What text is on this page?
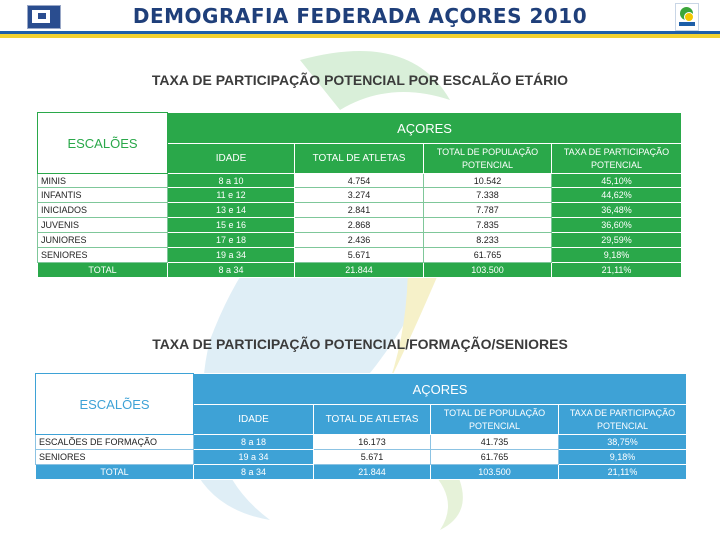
DEMOGRAFIA FEDERADA AÇORES 2010
TAXA DE PARTICIPAÇÃO POTENCIAL POR ESCALÃO ETÁRIO
ESCALÕES	AÇORES			
	IDADE	TOTAL DE ATLETAS	TOTAL DE POPULAÇÃO POTENCIAL	TAXA DE PARTICIPAÇÃO POTENCIAL
MINIS	8 a 10	4.754	10.542	45,10%
INFANTIS	11 e 12	3.274	7.338	44,62%
INICIADOS	13 e 14	2.841	7.787	36,48%
JUVENIS	15 e 16	2.868	7.835	36,60%
JUNIORES	17 e 18	2.436	8.233	29,59%
SENIORES	19 a 34	5.671	61.765	9,18%
TOTAL	8 a 34	21.844	103.500	21,11%
TAXA DE PARTICIPAÇÃO POTENCIAL/FORMAÇÃO/SENIORES
ESCALÕES	AÇORES			
	IDADE	TOTAL DE ATLETAS	TOTAL DE POPULAÇÃO POTENCIAL	TAXA DE PARTICIPAÇÃO POTENCIAL
ESCALÕES DE FORMAÇÃO	8 a 18	16.173	41.735	38,75%
SENIORES	19 a 34	5.671	61.765	9,18%
TOTAL	8 a 34	21.844	103.500	21,11%
